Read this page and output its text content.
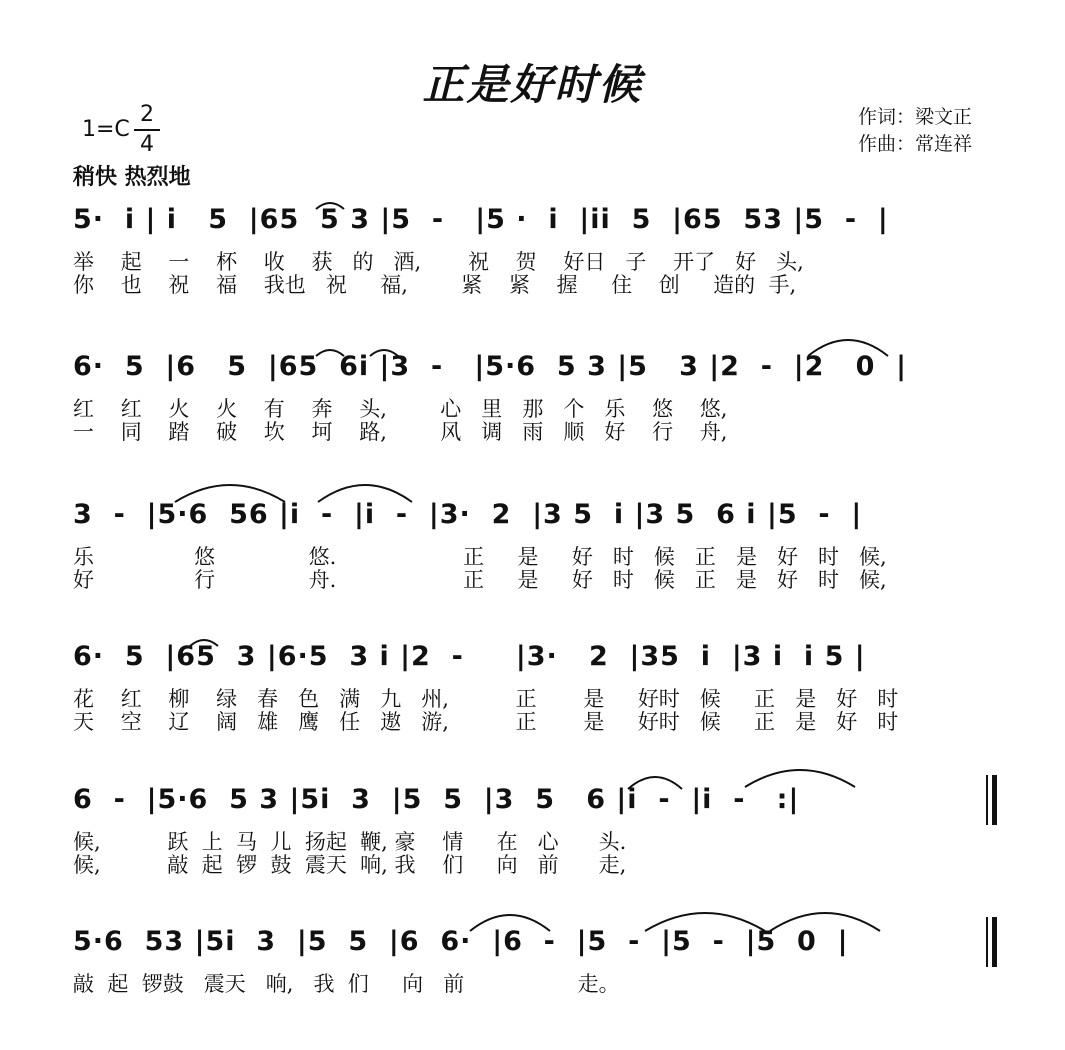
正是好时候
1=C
2
4
稍快 热烈地
作词：梁文正
作曲：常连祥
5·  i | i   5  |65  5 3 |5  -   |5 ·  i  |ii  5  |65  53 |5  -  |
举    起    一    杯    收    获   的   酒,       祝    贺    好日   子    开了   好   头,
你    也    祝    福    我也   祝     福,        紧    紧    握     住    创     造的  手,
6·  5  |6   5  |65  6i |3  -   |5·6  5 3 |5   3 |2  -  |2   0  |
红    红    火    火    有    奔    头,        心   里   那   个   乐    悠    悠,
一    同    踏    破    坎    坷    路,        风   调   雨   顺   好    行    舟,
3  -  |5·6  56 |i  -  |i  -  |3·  2  |3 5  i |3 5  6 i |5  -  |
乐               悠              悠.                   正     是     好   时   候   正   是   好   时   候,
好               行              舟.                   正     是     好   时   候   正   是   好   时   候,
6·  5  |65  3 |6·5  3 i |2  -     |3·   2  |35  i  |3 i  i 5 |
花    红    柳    绿   春   色   满   九   州,          正       是     好时   候     正   是   好   时
天    空    辽    阔   雄   鹰   任   遨   游,          正       是     好时   候     正   是   好   时
6  -  |5·6  5 3 |5i  3  |5  5  |3  5   6 |i  -  |i  -   :|
候,          跃  上  马  儿  扬起  鞭, 豪    情     在   心      头.
候,          敲  起  锣  鼓  震天  响, 我    们     向   前      走,
5·6  53 |5i  3  |5  5  |6  6·  |6  -  |5  -  |5  -  |5  0  |
敲  起  锣鼓   震天   响,   我  们     向   前                 走。
